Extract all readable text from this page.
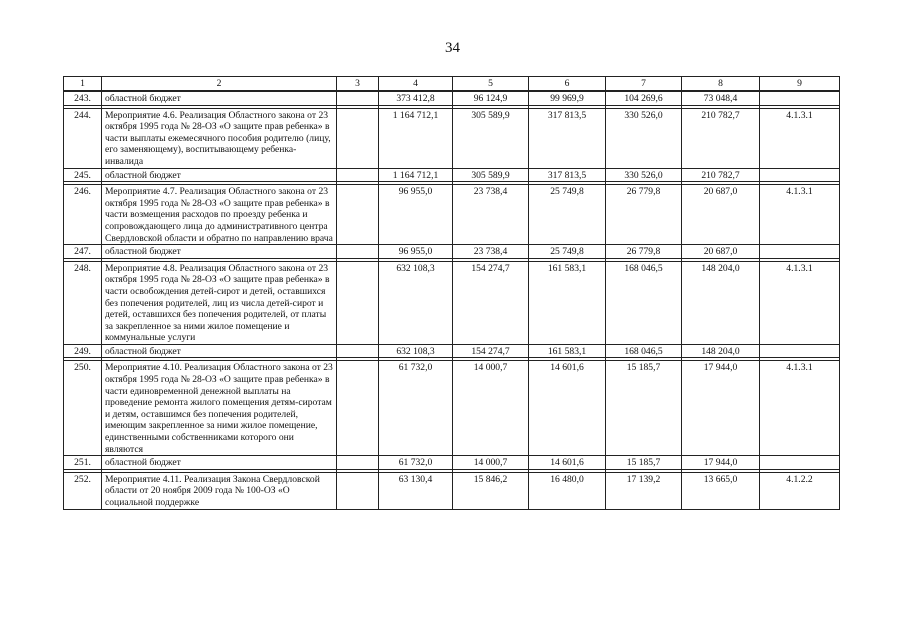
34
1	2	3	4	5	6	7	8	9
243.	областной бюджет		373 412,8	96 124,9	99 969,9	104 269,6	73 048,4	

244.	Мероприятие 4.6. Реализация Областного закона от 23 октября 1995 года № 28-ОЗ «О защите прав ребенка» в части выплаты ежемесячного пособия родителю (лицу, его заменяющему), воспитывающему ребенка-инвалида		1 164 712,1	305 589,9	317 813,5	330 526,0	210 782,7	4.1.3.1
245.	областной бюджет		1 164 712,1	305 589,9	317 813,5	330 526,0	210 782,7	

246.	Мероприятие 4.7. Реализация Областного закона от 23 октября 1995 года № 28-ОЗ «О защите прав ребенка» в части возмещения расходов по проезду ребенка и сопровождающего лица до административного центра Свердловской области и обратно по направлению врача		96 955,0	23 738,4	25 749,8	26 779,8	20 687,0	4.1.3.1
247.	областной бюджет		96 955,0	23 738,4	25 749,8	26 779,8	20 687,0	

248.	Мероприятие 4.8. Реализация Областного закона от 23 октября 1995 года № 28-ОЗ «О защите прав ребенка» в части освобождения детей-сирот и детей, оставшихся без попечения родителей, лиц из числа детей-сирот и детей, оставшихся без попечения родителей, от платы за закрепленное за ними жилое помещение и коммунальные услуги		632 108,3	154 274,7	161 583,1	168 046,5	148 204,0	4.1.3.1
249.	областной бюджет		632 108,3	154 274,7	161 583,1	168 046,5	148 204,0	

250.	Мероприятие 4.10. Реализация Областного закона от 23 октября 1995 года № 28-ОЗ «О защите прав ребенка» в части единовременной денежной выплаты на проведение ремонта жилого помещения детям-сиротам и детям, оставшимся без попечения родителей, имеющим закрепленное за ними жилое помещение, единственными собственниками которого они являются		61 732,0	14 000,7	14 601,6	15 185,7	17 944,0	4.1.3.1
251.	областной бюджет		61 732,0	14 000,7	14 601,6	15 185,7	17 944,0	

252.	Мероприятие 4.11. Реализация Закона Свердловской области от 20 ноября 2009 года № 100-ОЗ «О социальной поддержке		63 130,4	15 846,2	16 480,0	17 139,2	13 665,0	4.1.2.2
